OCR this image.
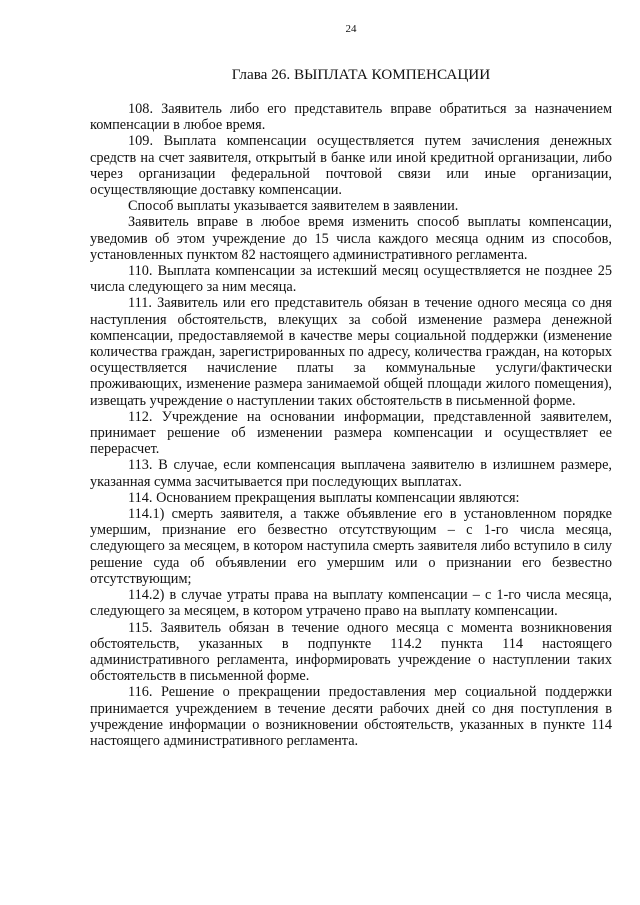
24
Глава 26. ВЫПЛАТА КОМПЕНСАЦИИ

108. Заявитель либо его представитель вправе обратиться за назначением компенсации в любое время.

109. Выплата компенсации осуществляется путем зачисления денежных средств на счет заявителя, открытый в банке или иной кредитной организации, либо через организации федеральной почтовой связи или иные организации, осуществляющие доставку компенсации.

Способ выплаты указывается заявителем в заявлении.

Заявитель вправе в любое время изменить способ выплаты компенсации, уведомив об этом учреждение до 15 числа каждого месяца одним из способов, установленных пунктом 82 настоящего административного регламента.

110. Выплата компенсации за истекший месяц осуществляется не позднее 25 числа следующего за ним месяца.

111. Заявитель или его представитель обязан в течение одного месяца со дня наступления обстоятельств, влекущих за собой изменение размера денежной компенсации, предоставляемой в качестве меры социальной поддержки (изменение количества граждан, зарегистрированных по адресу, количества граждан, на которых осуществляется начисление платы за коммунальные услуги/фактически проживающих, изменение размера занимаемой общей площади жилого помещения), извещать учреждение о наступлении таких обстоятельств в письменной форме.

112. Учреждение на основании информации, представленной заявителем, принимает решение об изменении размера компенсации и осуществляет ее перерасчет.

113. В случае, если компенсация выплачена заявителю в излишнем размере, указанная сумма засчитывается при последующих выплатах.

114. Основанием прекращения выплаты компенсации являются:

114.1) смерть заявителя, а также объявление его в установленном порядке умершим, признание его безвестно отсутствующим – с 1-го числа месяца, следующего за месяцем, в котором наступила смерть заявителя либо вступило в силу решение суда об объявлении его умершим или о признании его безвестно отсутствующим;

114.2) в случае утраты права на выплату компенсации – с 1-го числа месяца, следующего за месяцем, в котором утрачено право на выплату компенсации.

115. Заявитель обязан в течение одного месяца с момента возникновения обстоятельств, указанных в подпункте 114.2 пункта 114 настоящего административного регламента, информировать учреждение о наступлении таких обстоятельств в письменной форме.

116. Решение о прекращении предоставления мер социальной поддержки принимается учреждением в течение десяти рабочих дней со дня поступления в учреждение информации о возникновении обстоятельств, указанных в пункте 114 настоящего административного регламента.
